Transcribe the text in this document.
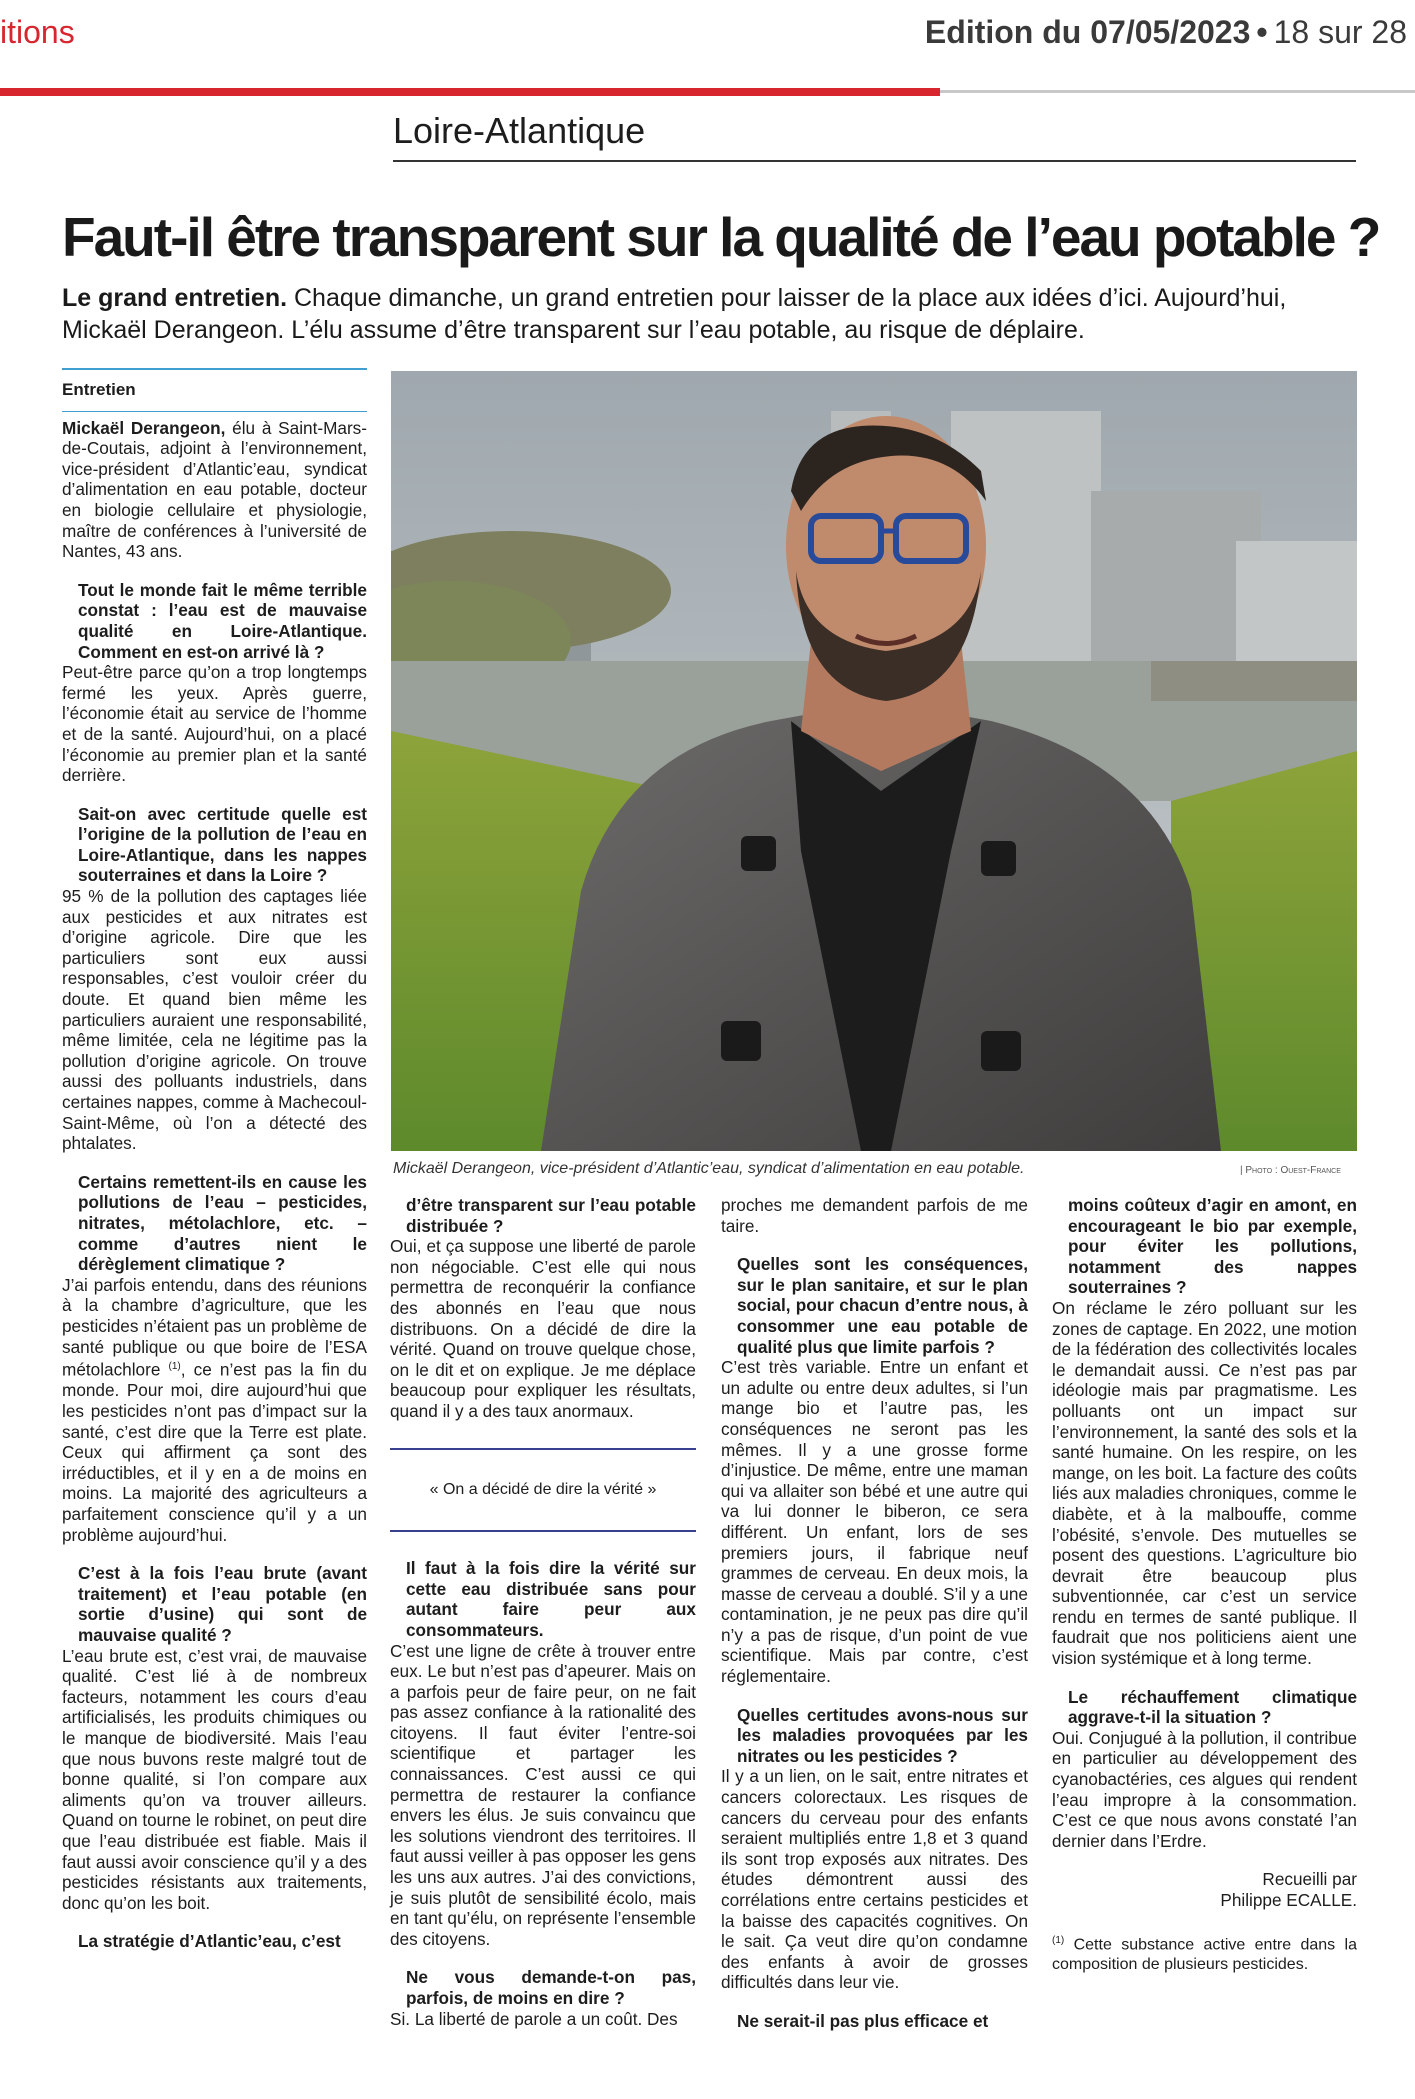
itions	Edition du 07/05/2023 • 18 sur 28
Loire-Atlantique
Faut-il être transparent sur la qualité de l’eau potable ?
Le grand entretien. Chaque dimanche, un grand entretien pour laisser de la place aux idées d’ici. Aujourd’hui, Mickaël Derangeon. L’élu assume d’être transparent sur l’eau potable, au risque de déplaire.
Entretien

Mickaël Derangeon, élu à Saint-Mars-de-Coutais, adjoint à l’environnement, vice-président d’Atlantic’eau, syndicat d’alimentation en eau potable, docteur en biologie cellulaire et physiologie, maître de conférences à l’université de Nantes, 43 ans.

Tout le monde fait le même terrible constat : l’eau est de mauvaise qualité en Loire-Atlantique. Comment en est-on arrivé là ?

Peut-être parce qu’on a trop longtemps fermé les yeux. Après guerre, l’économie était au service de l’homme et de la santé. Aujourd’hui, on a placé l’économie au premier plan et la santé derrière.

Sait-on avec certitude quelle est l’origine de la pollution de l’eau en Loire-Atlantique, dans les nappes souterraines et dans la Loire ?

95 % de la pollution des captages liée aux pesticides et aux nitrates est d’origine agricole. Dire que les particuliers sont eux aussi responsables, c’est vouloir créer du doute. Et quand bien même les particuliers auraient une responsabilité, même limitée, cela ne légitime pas la pollution d’origine agricole. On trouve aussi des polluants industriels, dans certaines nappes, comme à Machecoul-Saint-Même, où l’on a détecté des phtalates.

Certains remettent-ils en cause les pollutions de l’eau – pesticides, nitrates, métolachlore, etc. – comme d’autres nient le dérèglement climatique ?

J’ai parfois entendu, dans des réunions à la chambre d’agriculture, que les pesticides n’étaient pas un problème de santé publique ou que boire de l’ESA métolachlore $^{(1)}$, ce n’est pas la fin du monde. Pour moi, dire aujourd’hui que les pesticides n’ont pas d’impact sur la santé, c’est dire que la Terre est plate. Ceux qui affirment ça sont des irréductibles, et il y en a de moins en moins. La majorité des agriculteurs a parfaitement conscience qu’il y a un problème aujourd’hui.

C’est à la fois l’eau brute (avant traitement) et l’eau potable (en sortie d’usine) qui sont de mauvaise qualité ?

L’eau brute est, c’est vrai, de mauvaise qualité. C’est lié à de nombreux facteurs, notamment les cours d’eau artificialisés, les produits chimiques ou le manque de biodiversité. Mais l’eau que nous buvons reste malgré tout de bonne qualité, si l’on compare aux aliments qu’on va trouver ailleurs. Quand on tourne le robinet, on peut dire que l’eau distribuée est fiable. Mais il faut aussi avoir conscience qu’il y a des pesticides résistants aux traitements, donc qu’on les boit.

La stratégie d’Atlantic’eau, c’est

Mickaël Derangeon, vice-président d’Atlantic’eau, syndicat d’alimentation en eau potable.	| Photo : Ouest-France

d’être transparent sur l’eau potable distribuée ?

Oui, et ça suppose une liberté de parole non négociable. C’est elle qui nous permettra de reconquérir la confiance des abonnés en l’eau que nous distribuons. On a décidé de dire la vérité. Quand on trouve quelque chose, on le dit et on explique. Je me déplace beaucoup pour expliquer les résultats, quand il y a des taux anormaux.

« On a décidé de dire la vérité »

Il faut à la fois dire la vérité sur cette eau distribuée sans pour autant faire peur aux consommateurs.

C’est une ligne de crête à trouver entre eux. Le but n’est pas d’apeurer. Mais on a parfois peur de faire peur, on ne fait pas assez confiance à la rationalité des citoyens. Il faut éviter l’entre-soi scientifique et partager les connaissances. C’est aussi ce qui permettra de restaurer la confiance envers les élus. Je suis convaincu que les solutions viendront des territoires. Il faut aussi veiller à pas opposer les gens les uns aux autres. J’ai des convictions, je suis plutôt de sensibilité écolo, mais en tant qu’élu, on représente l’ensemble des citoyens.

Ne vous demande-t-on pas, parfois, de moins en dire ?

Si. La liberté de parole a un coût. Des

proches me demandent parfois de me taire.

Quelles sont les conséquences, sur le plan sanitaire, et sur le plan social, pour chacun d’entre nous, à consommer une eau potable de qualité plus que limite parfois ?

C’est très variable. Entre un enfant et un adulte ou entre deux adultes, si l’un mange bio et l’autre pas, les conséquences ne seront pas les mêmes. Il y a une grosse forme d’injustice. De même, entre une maman qui va allaiter son bébé et une autre qui va lui donner le biberon, ce sera différent. Un enfant, lors de ses premiers jours, il fabrique neuf grammes de cerveau. En deux mois, la masse de cerveau a doublé. S’il y a une contamination, je ne peux pas dire qu’il n’y a pas de risque, d’un point de vue scientifique. Mais par contre, c’est réglementaire.

Quelles certitudes avons-nous sur les maladies provoquées par les nitrates ou les pesticides ?

Il y a un lien, on le sait, entre nitrates et cancers colorectaux. Les risques de cancers du cerveau pour des enfants seraient multipliés entre 1,8 et 3 quand ils sont trop exposés aux nitrates. Des études démontrent aussi des corrélations entre certains pesticides et la baisse des capacités cognitives. On le sait. Ça veut dire qu’on condamne des enfants à avoir de grosses difficultés dans leur vie.

Ne serait-il pas plus efficace et

moins coûteux d’agir en amont, en encourageant le bio par exemple, pour éviter les pollutions, notamment des nappes souterraines ?

On réclame le zéro polluant sur les zones de captage. En 2022, une motion de la fédération des collectivités locales le demandait aussi. Ce n’est pas par idéologie mais par pragmatisme. Les polluants ont un impact sur l’environnement, la santé des sols et la santé humaine. On les respire, on les mange, on les boit. La facture des coûts liés aux maladies chroniques, comme le diabète, et à la malbouffe, comme l’obésité, s’envole. Des mutuelles se posent des questions. L’agriculture bio devrait être beaucoup plus subventionnée, car c’est un service rendu en termes de santé publique. Il faudrait que nos politiciens aient une vision systémique et à long terme.

Le réchauffement climatique aggrave-t-il la situation ?

Oui. Conjugué à la pollution, il contribue en particulier au développement des cyanobactéries, ces algues qui rendent l’eau impropre à la consommation. C’est ce que nous avons constaté l’an dernier dans l’Erdre.

Recueilli par
Philippe ECALLE.

$^{(1)}$ Cette substance active entre dans la composition de plusieurs pesticides.
